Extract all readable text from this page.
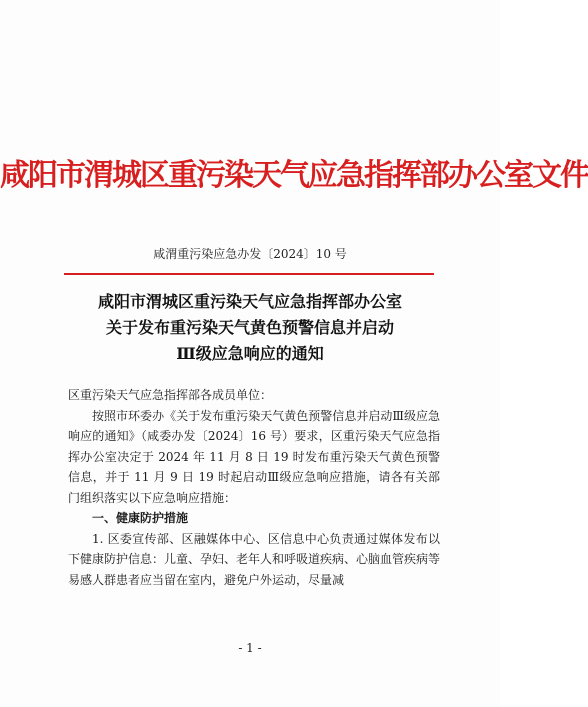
咸阳市渭城区重污染天气应急指挥部办公室文件
咸渭重污染应急办发〔2024〕10 号
咸阳市渭城区重污染天气应急指挥部办公室
关于发布重污染天气黄色预警信息并启动
Ⅲ级应急响应的通知

区重污染天气应急指挥部各成员单位：

按照市环委办《关于发布重污染天气黄色预警信息并启动Ⅲ级应急响应的通知》（咸委办发〔2024〕16 号）要求，区重污染天气应急指挥办公室决定于 2024 年 11 月 8 日 19 时发布重污染天气黄色预警信息，并于 11 月 9 日 19 时起启动Ⅲ级应急响应措施，请各有关部门组织落实以下应急响应措施：

一、健康防护措施

1. 区委宣传部、区融媒体中心、区信息中心负责通过媒体发布以下健康防护信息：儿童、孕妇、老年人和呼吸道疾病、心脑血管疾病等易感人群患者应当留在室内，避免户外运动，尽量减

- 1 -
